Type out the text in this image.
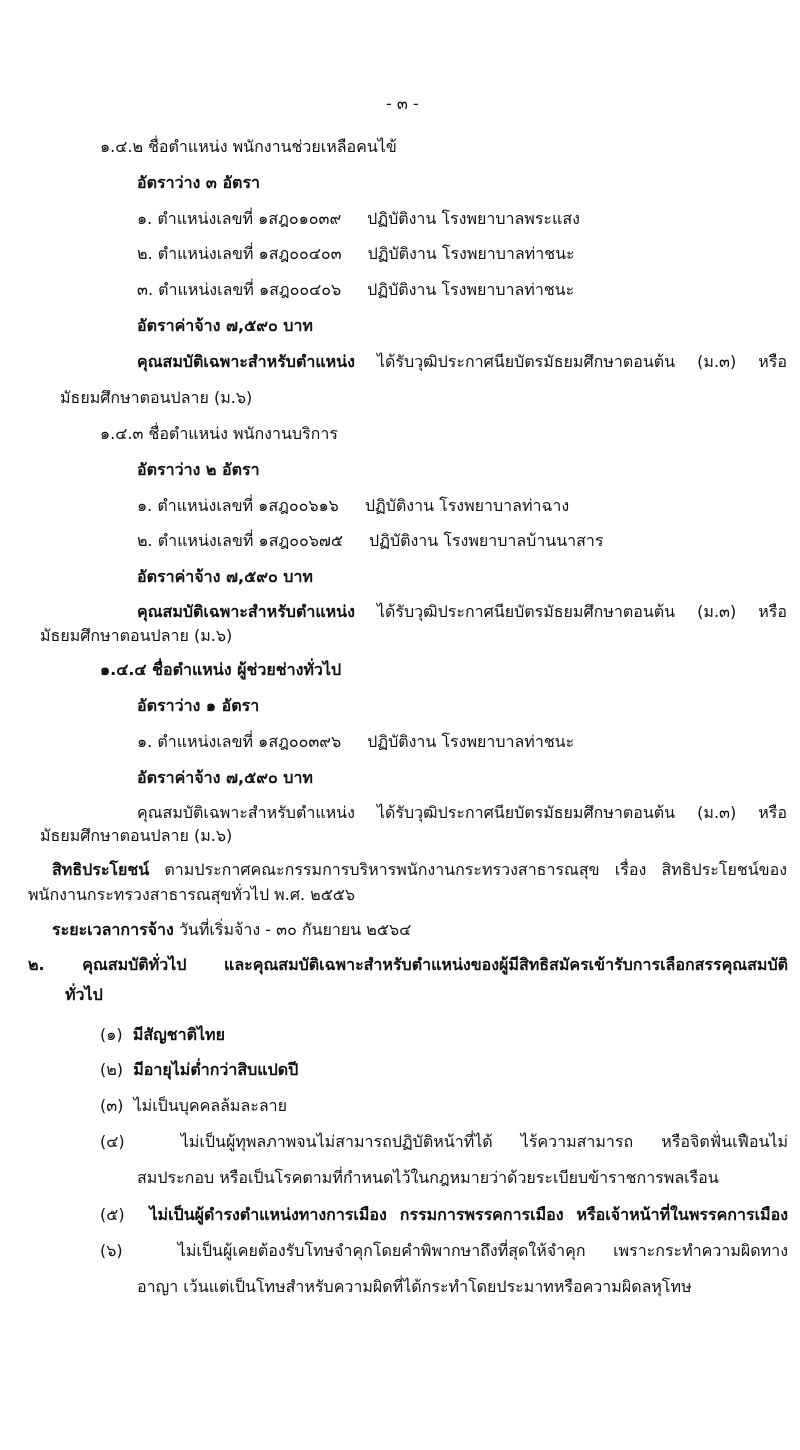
- ๓ -
๑.๔.๒ ชื่อตำแหน่ง พนักงานช่วยเหลือคนไข้
อัตราว่าง ๓ อัตรา
๑. ตำแหน่งเลขที่ ๑สฎ๐๑๐๓๙ ปฏิบัติงาน โรงพยาบาลพระแสง
๒. ตำแหน่งเลขที่ ๑สฎ๐๐๔๐๓ ปฏิบัติงาน โรงพยาบาลท่าชนะ
๓. ตำแหน่งเลขที่ ๑สฎ๐๐๔๐๖ ปฏิบัติงาน โรงพยาบาลท่าชนะ
อัตราค่าจ้าง ๗,๕๙๐ บาท
คุณสมบัติเฉพาะสำหรับตำแหน่ง ได้รับวุฒิประกาศนียบัตรมัธยมศึกษาตอนต้น (ม.๓) หรือ
มัธยมศึกษาตอนปลาย (ม.๖)
๑.๔.๓ ชื่อตำแหน่ง พนักงานบริการ
อัตราว่าง ๒ อัตรา
๑. ตำแหน่งเลขที่ ๑สฎ๐๐๖๑๖ ปฏิบัติงาน โรงพยาบาลท่าฉาง
๒. ตำแหน่งเลขที่ ๑สฎ๐๐๖๗๕ ปฏิบัติงาน โรงพยาบาลบ้านนาสาร
อัตราค่าจ้าง ๗,๕๙๐ บาท
คุณสมบัติเฉพาะสำหรับตำแหน่ง ได้รับวุฒิประกาศนียบัตรมัธยมศึกษาตอนต้น (ม.๓) หรือ
มัธยมศึกษาตอนปลาย (ม.๖)
๑.๔.๔ ชื่อตำแหน่ง ผู้ช่วยช่างทั่วไป
อัตราว่าง ๑ อัตรา
๑. ตำแหน่งเลขที่ ๑สฎ๐๐๓๙๖ ปฏิบัติงาน โรงพยาบาลท่าชนะ
อัตราค่าจ้าง ๗,๕๙๐ บาท
คุณสมบัติเฉพาะสำหรับตำแหน่ง ได้รับวุฒิประกาศนียบัตรมัธยมศึกษาตอนต้น (ม.๓) หรือ
มัธยมศึกษาตอนปลาย (ม.๖)
สิทธิประโยชน์ ตามประกาศคณะกรรมการบริหารพนักงานกระทรวงสาธารณสุข เรื่อง สิทธิประโยชน์ของ
พนักงานกระทรวงสาธารณสุขทั่วไป พ.ศ. ๒๕๕๖
ระยะเวลาการจ้าง วันที่เริ่มจ้าง - ๓๐ กันยายน ๒๕๖๔
๒. คุณสมบัติทั่วไป และคุณสมบัติเฉพาะสำหรับตำแหน่งของผู้มีสิทธิสมัครเข้ารับการเลือกสรรคุณสมบัติ
ทั่วไป
(๑) มีสัญชาติไทย
(๒) มีอายุไม่ต่ำกว่าสิบแปดปี
(๓) ไม่เป็นบุคคลล้มละลาย
(๔)	ไม่เป็นผู้ทุพลภาพจนไม่สามารถปฏิบัติหน้าที่ได้ ไร้ความสามารถ หรือจิตฟั่นเฟือนไม่
สมประกอบ หรือเป็นโรคตามที่กำหนดไว้ในกฎหมายว่าด้วยระเบียบข้าราชการพลเรือน
(๕) ไม่เป็นผู้ดำรงตำแหน่งทางการเมือง กรรมการพรรคการเมือง หรือเจ้าหน้าที่ในพรรคการเมือง
(๖)	ไม่เป็นผู้เคยต้องรับโทษจำคุกโดยคำพิพากษาถึงที่สุดให้จำคุก เพราะกระทำความผิดทาง
อาญา เว้นแต่เป็นโทษสำหรับความผิดที่ได้กระทำโดยประมาทหรือความผิดลหุโทษ
